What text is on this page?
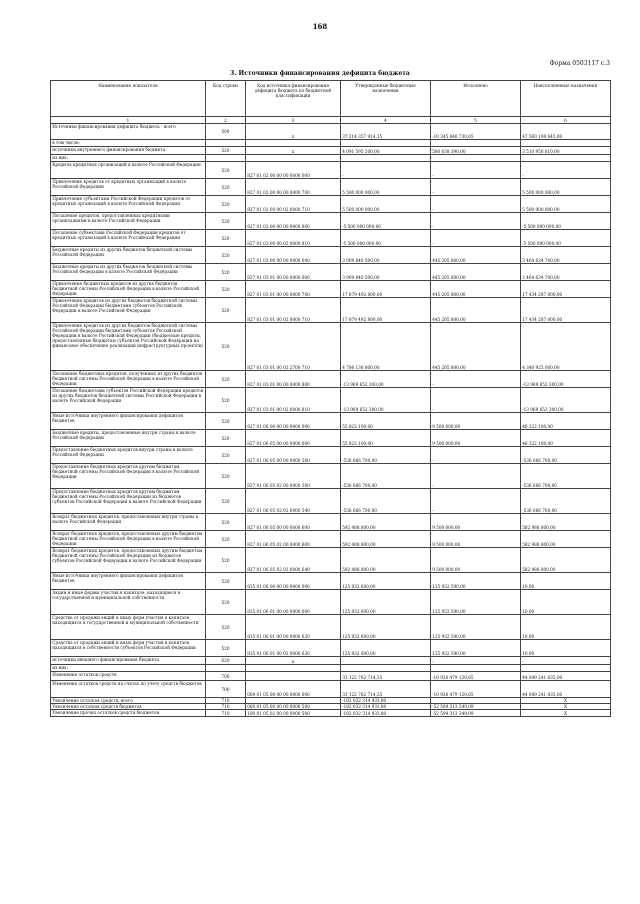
168
Форма 0503117 с.3
3. Источники финансирования дефицита бюджета
Наименование показателя	Код строки	Код источника финансирования дефицита бюджета по бюджетной классификации	Утвержденные бюджетные назначения	Исполнено	Неисполненные назначения
1	2	3	4	5	6
Источники финансирования дефицита бюджета - всего	500	x	37 214 357 914,35	-10 345 840 730,65	47 560 198 645,00
в том числе:					
источники внутреннего финансирования бюджета	520	x	4 091 595 200,00	580 638 390,00	3 510 956 810,00
из них:					
Кредиты кредитных организаций в валюте Российской Федерации	520	827 01 02 00 00 00 0000 000	-	-	-
Привлечение кредитов от кредитных организаций в валюте Российской Федерации	520	827 01 02 00 00 00 0000 700	5 500 000 000,00	-	5 500 000 000,00
Привлечение субъектами Российской Федерации кредитов от кредитных организаций в валюте Российской Федерации	520	827 01 02 00 00 02 0000 710	5 500 000 000,00	-	5 500 000 000,00
Погашение кредитов, предоставленных кредитными организациями в валюте Российской Федерации	520	827 01 02 00 00 00 0000 800	-5 500 000 000,00	-	-5 500 000 000,00
Погашение субъектами Российской Федерации кредитов от кредитных организаций в валюте Российской Федерации	520	827 01 02 00 00 02 0000 810	-5 500 000 000,00	-	-5 500 000 000,00
Бюджетные кредиты из других бюджетов бюджетной системы Российской Федерации	520	827 01 03 00 00 00 0000 000	3 909 840 500,00	445 205 800,00	3 464 634 700,00
Бюджетные кредиты из других бюджетов бюджетной системы Российской Федерации в валюте Российской Федерации	520	827 01 03 01 00 00 0000 000	3 909 840 500,00	445 205 800,00	3 464 634 700,00
Привлечение бюджетных кредитов из других бюджетов бюджетной системы Российской Федерации в валюте Российской Федерации	520	827 01 03 01 00 00 0000 700	17 879 492 800,00	445 205 800,00	17 434 287 000,00
Привлечение кредитов из других бюджетов бюджетной системы Российской Федерации бюджетами субъектов Российской Федерации в валюте Российской Федерации	520	827 01 03 01 00 02 0000 710	17 879 492 800,00	445 205 800,00	17 434 287 000,00
Привлечение кредитов из других бюджетов бюджетной системы Российской Федерации бюджетами субъектов Российской Федерации в валюте Российской Федерации (бюджетные кредиты, предоставленные бюджетам субъектов Российской Федерации на финансовое обеспечение реализации инфраструктурных проектов)	520	827 01 03 01 00 02 2700 710	4 786 130 800,00	445 205 800,00	4 340 925 000,00
Погашение бюджетных кредитов, полученных из других бюджетов бюджетной системы Российской Федерации в валюте Российской Федерации	520	827 01 03 01 00 00 0000 800	-13 969 652 300,00	-	-13 969 652 300,00
Погашение бюджетами субъектов Российской Федерации кредитов из других бюджетов бюджетной системы Российской Федерации в валюте Российской Федерации	520	827 01 03 01 00 02 0000 810	-13 969 652 300,00	-	-13 969 652 300,00
Иные источники внутреннего финансирования дефицитов бюджетов	520	827 01 06 00 00 00 0000 000	55 822 100,00	9 500 000,00	46 322 100,00
Бюджетные кредиты, предоставленные внутри страны в валюте Российской Федерации	520	827 01 06 05 00 00 0000 000	55 822 100,00	9 500 000,00	46 322 100,00
Предоставление бюджетных кредитов внутри страны в валюте Российской Федерации	520	827 01 06 05 00 00 0000 500	-536 666 700,00	-	-536 666 700,00
Предоставление бюджетных кредитов другим бюджетам бюджетной системы Российской Федерации в валюте Российской Федерации	520	827 01 06 05 02 00 0000 500	-536 666 700,00	-	-536 666 700,00
Предоставление бюджетных кредитов другим бюджетам бюджетной системы Российской Федерации из бюджетов субъектов Российской Федерации в валюте Российской Федерации	520	827 01 06 05 02 02 0000 540	-536 666 700,00	-	-536 666 700,00
Возврат бюджетных кредитов, предоставленных внутри страны в валюте Российской Федерации	520	827 01 06 05 00 00 0000 600	592 488 800,00	9 500 000,00	582 988 800,00
Возврат бюджетных кредитов, предоставленных другим бюджетам бюджетной системы Российской Федерации в валюте Российской Федерации	520	827 01 06 05 02 00 0000 600	592 488 800,00	9 500 000,00	582 988 800,00
Возврат бюджетных кредитов, предоставленных другим бюджетам бюджетной системы Российской Федерации из бюджетов субъектов Российской Федерации в валюте Российской Федерации	520	827 01 06 05 02 02 0000 640	592 488 800,00	9 500 000,00	582 988 800,00
Иные источники внутреннего финансирования дефицитов бюджетов	520	835 01 06 00 00 00 0000 000	125 932 600,00	125 932 590,00	10,00
Акции и иные формы участия в капитале, находящиеся в государственной и муниципальной собственности	520	835 01 06 01 00 00 0000 000	125 932 600,00	125 932 590,00	10,00
Средства от продажи акций и иных форм участия в капитале, находящихся в государственной и муниципальной собственности	520	835 01 06 01 00 00 0000 630	125 932 600,00	125 932 590,00	10,00
Средства от продажи акций и иных форм участия в капитале, находящихся в собственности субъектов Российской Федерации	520	835 01 06 01 00 02 0000 630	125 932 600,00	125 932 590,00	10,00
источники внешнего финансирования бюджета	620	x	-	-	-
из них:					
Изменение остатков средств	700		33 122 762 714,35	-10 926 479 120,65	44 049 241 835,00
Изменение остатков средств на счетах по учету средств бюджетов	700	000 01 05 00 00 00 0000 000	33 122 762 714,35	-10 926 479 120,65	44 049 241 835,00
Увеличение остатков средств, всего	710		-182 032 314 933,80		X
Увеличение остатков средств бюджетов	710	000 01 05 00 00 00 0000 500	-182 032 314 933,80	-52 599 313 349,09	X
Увеличение прочих остатков средств бюджетов	710	100 01 05 02 00 00 0000 500	-182 032 314 933,80	-52 599 313 349,09	X
